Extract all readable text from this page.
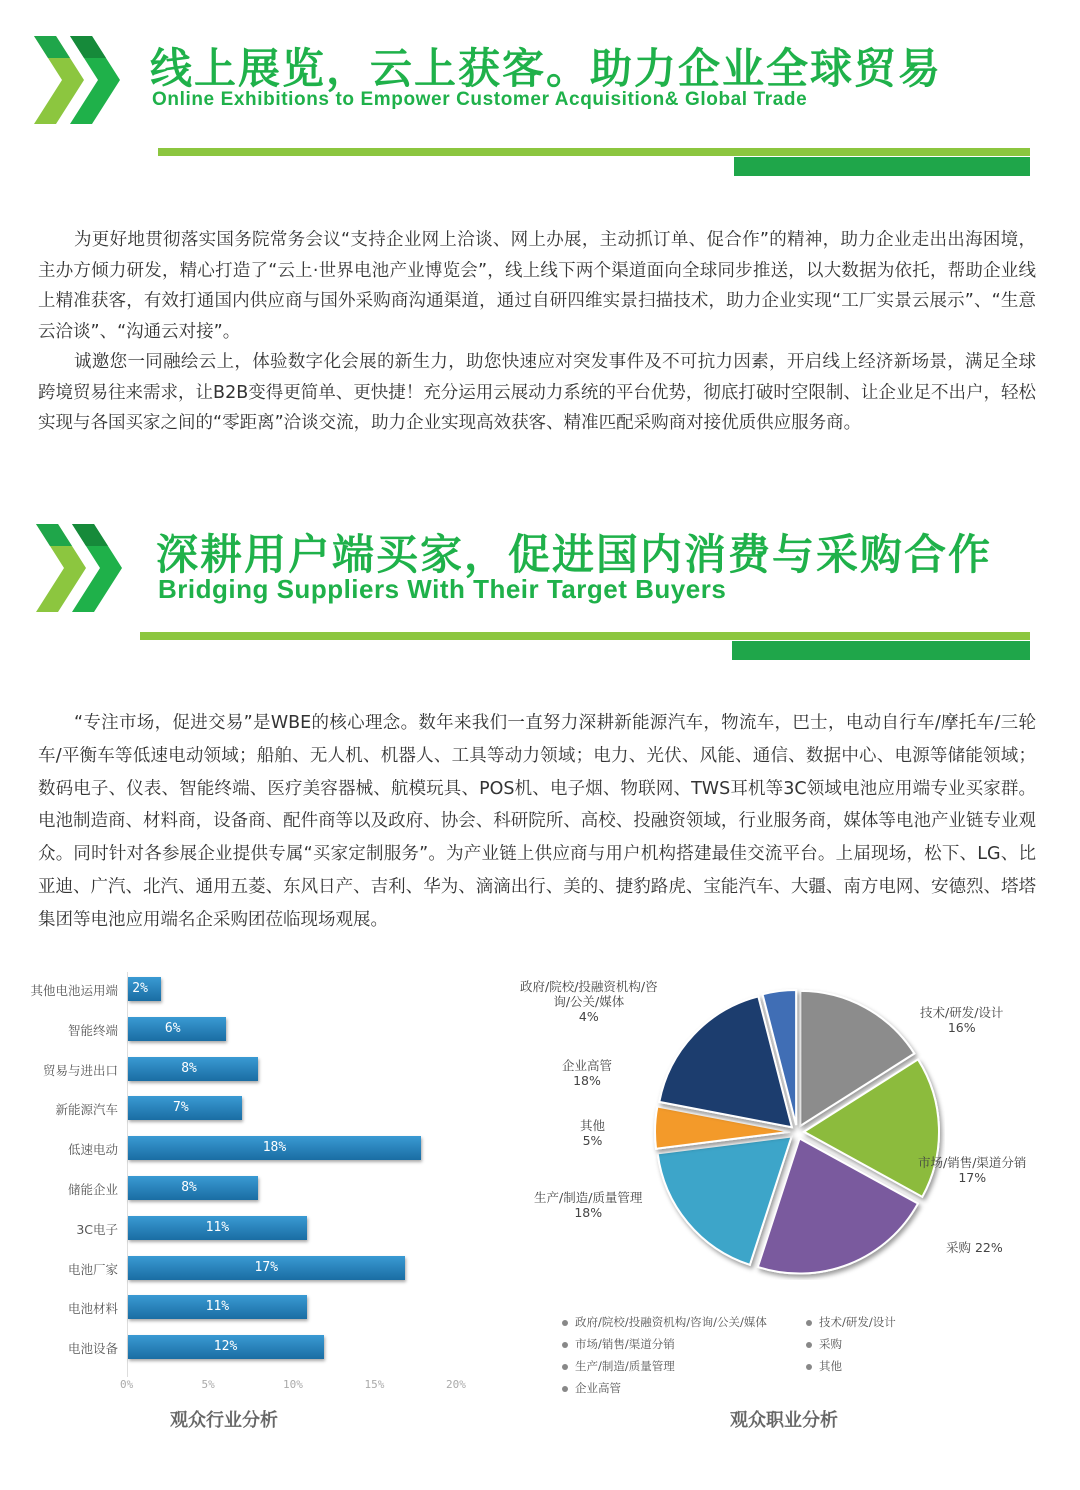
线上展览，云上获客。助力企业全球贸易
Online Exhibitions to Empower Customer Acquisition& Global Trade

为更好地贯彻落实国务院常务会议“支持企业网上洽谈、网上办展，主动抓订单、促合作”的精神，助力企业走出出海困境，主办方倾力研发，精心打造了“云上·世界电池产业博览会”，线上线下两个渠道面向全球同步推送，以大数据为依托，帮助企业线上精准获客，有效打通国内供应商与国外采购商沟通渠道，通过自研四维实景扫描技术，助力企业实现“工厂实景云展示”、“生意云洽谈”、“沟通云对接”。

诚邀您一同融绘云上，体验数字化会展的新生力，助您快速应对突发事件及不可抗力因素，开启线上经济新场景，满足全球跨境贸易往来需求，让B2B变得更简单、更快捷！充分运用云展动力系统的平台优势，彻底打破时空限制、让企业足不出户，轻松实现与各国买家之间的“零距离”洽谈交流，助力企业实现高效获客、精准匹配采购商对接优质供应服务商。

深耕用户端买家，促进国内消费与采购合作
Bridging Suppliers With Their Target Buyers

“专注市场，促进交易”是WBE的核心理念。数年来我们一直努力深耕新能源汽车，物流车，巴士，电动自行车/摩托车/三轮车/平衡车等低速电动领域；船舶、无人机、机器人、工具等动力领域；电力、光伏、风能、通信、数据中心、电源等储能领域；数码电子、仪表、智能终端、医疗美容器械、航模玩具、POS机、电子烟、物联网、TWS耳机等3C领域电池应用端专业买家群。电池制造商、材料商，设备商、配件商等以及政府、协会、科研院所、高校、投融资领域，行业服务商，媒体等电池产业链专业观众。同时针对各参展企业提供专属“买家定制服务”。为产业链上供应商与用户机构搭建最佳交流平台。上届现场，松下、LG、比亚迪、广汽、北汽、通用五菱、东风日产、吉利、华为、滴滴出行、美的、捷豹路虎、宝能汽车、大疆、南方电网、安德烈、塔塔集团等电池应用端名企采购团莅临现场观展。

其他电池运用端 2%
智能终端	6%
贸易与进出口	8%
新能源汽车	7%
低速电动	18%
储能企业	8%
3C电子	11%
电池厂家	17%
电池材料	11%
电池设备	12%
0%	5%	10%	15%	20%
观众行业分析
政府/院校/投融资机构/咨
询/公关/媒体
4%	技术/研发/设计
16%
企业高管
18%
其他
5%
市场/销售/渠道分销
17%
生产/制造/质量管理
18%
采购 22%
政府/院校/投融资机构/咨询/公关/媒体	技术/研发/设计
市场/销售/渠道分销	采购
生产/制造/质量管理	其他
企业高管
观众职业分析
